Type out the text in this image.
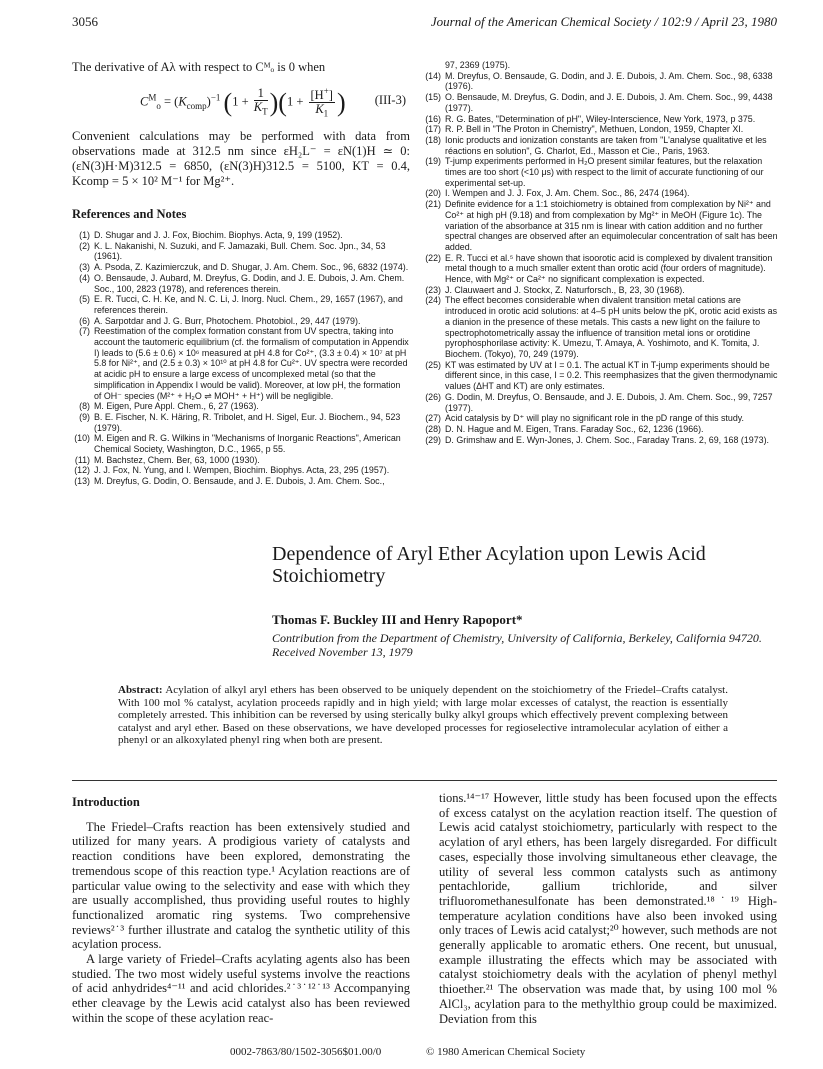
3056	Journal of the American Chemical Society / 102:9 / April 23, 1980

The derivative of Aλ with respect to Cᴹₒ is 0 when

$C^M_o = (K_{comp})^{-1}$ $(1 + \frac{1}{K_T} )(1 + \frac{[H^+]}{K_1}$ ) (III-3)

Convenient calculations may be performed with data from observations made at 312.5 nm since εH₂L⁻ = εN(1)H ≃ 0: (εN(3)H·M)312.5 = 6850, (εN(3)H)312.5 = 5100, KT = 0.4, Kcomp = 5 × 10² M⁻¹ for Mg²⁺.

References and Notes
(1) D. Shugar and J. J. Fox, Biochim. Biophys. Acta, 9, 199 (1952).
(2) K. L. Nakanishi, N. Suzuki, and F. Jamazaki, Bull. Chem. Soc. Jpn., 34, 53 (1961).
(3) A. Psoda, Z. Kazimierczuk, and D. Shugar, J. Am. Chem. Soc., 96, 6832 (1974).
(4) O. Bensaude, J. Aubard, M. Dreyfus, G. Dodin, and J. E. Dubois, J. Am. Chem. Soc., 100, 2823 (1978), and references therein.
(5) E. R. Tucci, C. H. Ke, and N. C. Li, J. Inorg. Nucl. Chem., 29, 1657 (1967), and references therein.
(6) A. Sarpotdar and J. G. Burr, Photochem. Photobiol., 29, 447 (1979).
(7) Reestimation of the complex formation constant from UV spectra, taking into account the tautomeric equilibrium (cf. the formalism of computation in Appendix I) leads to (5.6 ± 0.6) × 10⁶ measured at pH 4.8 for Co²⁺, (3.3 ± 0.4) × 10⁷ at pH 5.8 for Ni²⁺, and (2.5 ± 0.3) × 10¹⁰ at pH 4.8 for Cu²⁺. UV spectra were recorded at acidic pH to ensure a large excess of uncomplexed metal (so that the simplification in Appendix I would be valid). Moreover, at low pH, the formation of OH⁻ species (M²⁺ + H₂O ⇌ MOH⁺ + H⁺) will be negligible.
(8) M. Eigen, Pure Appl. Chem., 6, 27 (1963).
(9) B. E. Fischer, N. K. Häring, R. Tribolet, and H. Sigel, Eur. J. Biochem., 94, 523 (1979).
(10) M. Eigen and R. G. Wilkins in "Mechanisms of Inorganic Reactions", American Chemical Society, Washington, D.C., 1965, p 55.
(11) M. Bachstez, Chem. Ber, 63, 1000 (1930).
(12) J. J. Fox, N. Yung, and I. Wempen, Biochim. Biophys. Acta, 23, 295 (1957).
(13) M. Dreyfus, G. Dodin, O. Bensaude, and J. E. Dubois, J. Am. Chem. Soc.,
97, 2369 (1975).
(14) M. Dreyfus, O. Bensaude, G. Dodin, and J. E. Dubois, J. Am. Chem. Soc., 98, 6338 (1976).
(15) O. Bensaude, M. Dreyfus, G. Dodin, and J. E. Dubois, J. Am. Chem. Soc., 99, 4438 (1977).
(16) R. G. Bates, "Determination of pH", Wiley-Interscience, New York, 1973, p 375.
(17) R. P. Bell in "The Proton in Chemistry", Methuen, London, 1959, Chapter XI.
(18) Ionic products and ionization constants are taken from "L'analyse qualitative et les réactions en solution", G. Charlot, Ed., Masson et Cie., Paris, 1963.
(19) T-jump experiments performed in H₂O present similar features, but the relaxation times are too short (<10 μs) with respect to the limit of accurate functioning of our experimental set-up.
(20) I. Wempen and J. J. Fox, J. Am. Chem. Soc., 86, 2474 (1964).
(21) Definite evidence for a 1:1 stoichiometry is obtained from complexation by Ni²⁺ and Co²⁺ at high pH (9.18) and from complexation by Mg²⁺ in MeOH (Figure 1c). The variation of the absorbance at 315 nm is linear with cation addition and no further spectral changes are observed after an equimolecular concentration of salt has been added.
(22) E. R. Tucci et al.⁵ have shown that isoorotic acid is complexed by divalent transition metal though to a much smaller extent than orotic acid (four orders of magnitude). Hence, with Mg²⁺ or Ca²⁺ no significant complexation is expected.
(23) J. Clauwaert and J. Stockx, Z. Naturforsch., B, 23, 30 (1968).
(24) The effect becomes considerable when divalent transition metal cations are introduced in orotic acid solutions: at 4–5 pH units below the pK, orotic acid exists as a dianion in the presence of these metals. This casts a new light on the failure to spectrophotometrically assay the influence of transition metal ions or orotidine pyrophosphorilase activity: K. Umezu, T. Amaya, A. Yoshimoto, and K. Tomita, J. Biochem. (Tokyo), 70, 249 (1979).
(25) KT was estimated by UV at I = 0.1. The actual KT in T-jump experiments should be different since, in this case, I = 0.2. This reemphasizes that the given thermodynamic values (ΔHT and KT) are only estimates.
(26) G. Dodin, M. Dreyfus, O. Bensaude, and J. E. Dubois, J. Am. Chem. Soc., 99, 7257 (1977).
(27) Acid catalysis by D⁺ will play no significant role in the pD range of this study.
(28) D. N. Hague and M. Eigen, Trans. Faraday Soc., 62, 1236 (1966).
(29) D. Grimshaw and E. Wyn-Jones, J. Chem. Soc., Faraday Trans. 2, 69, 168 (1973).
Dependence of Aryl Ether Acylation upon Lewis Acid Stoichiometry
Thomas F. Buckley III and Henry Rapoport*
Contribution from the Department of Chemistry, University of California, Berkeley, California 94720. Received November 13, 1979
Abstract: Acylation of alkyl aryl ethers has been observed to be uniquely dependent on the stoichiometry of the Friedel–Crafts catalyst. With 100 mol % catalyst, acylation proceeds rapidly and in high yield; with large molar excesses of catalyst, the reaction is essentially completely arrested. This inhibition can be reversed by using sterically bulky alkyl groups which effectively prevent complexing between catalyst and aryl ether. Based on these observations, we have developed processes for regioselective intramolecular acylation of either a phenyl or an alkoxylated phenyl ring when both are present.

Introduction

The Friedel–Crafts reaction has been extensively studied and utilized for many years. A prodigious variety of catalysts and reaction conditions have been explored, demonstrating the tremendous scope of this reaction type.¹ Acylation reactions are of particular value owing to the selectivity and ease with which they are usually accomplished, thus providing useful routes to highly functionalized aromatic ring systems. Two comprehensive reviews²˙³ further illustrate and catalog the synthetic utility of this acylation process.

A large variety of Friedel–Crafts acylating agents also has been studied. The two most widely useful systems involve the reactions of acid anhydrides⁴⁻¹¹ and acid chlorides.²˙³˙¹²˙¹³ Accompanying ether cleavage by the Lewis acid catalyst also has been reviewed within the scope of these acylation reac-

tions.¹⁴⁻¹⁷ However, little study has been focused upon the effects of excess catalyst on the acylation reaction itself. The question of Lewis acid catalyst stoichiometry, particularly with respect to the acylation of aryl ethers, has been largely disregarded. For difficult cases, especially those involving simultaneous ether cleavage, the utility of several less common catalysts such as antimony pentachloride, gallium trichloride, and silver trifluoromethanesulfonate has been demonstrated.¹⁸˙¹⁹ High-temperature acylation conditions have also been invoked using only traces of Lewis acid catalyst;²⁰ however, such methods are not generally applicable to aromatic ethers. One recent, but unusual, example illustrating the effects which may be associated with catalyst stoichiometry deals with the acylation of phenyl methyl thioether.²¹ The observation was made that, by using 100 mol % AlCl₃, acylation para to the methylthio group could be maximized. Deviation from this

0002-7863/80/1502-3056$01.00/0	© 1980 American Chemical Society
